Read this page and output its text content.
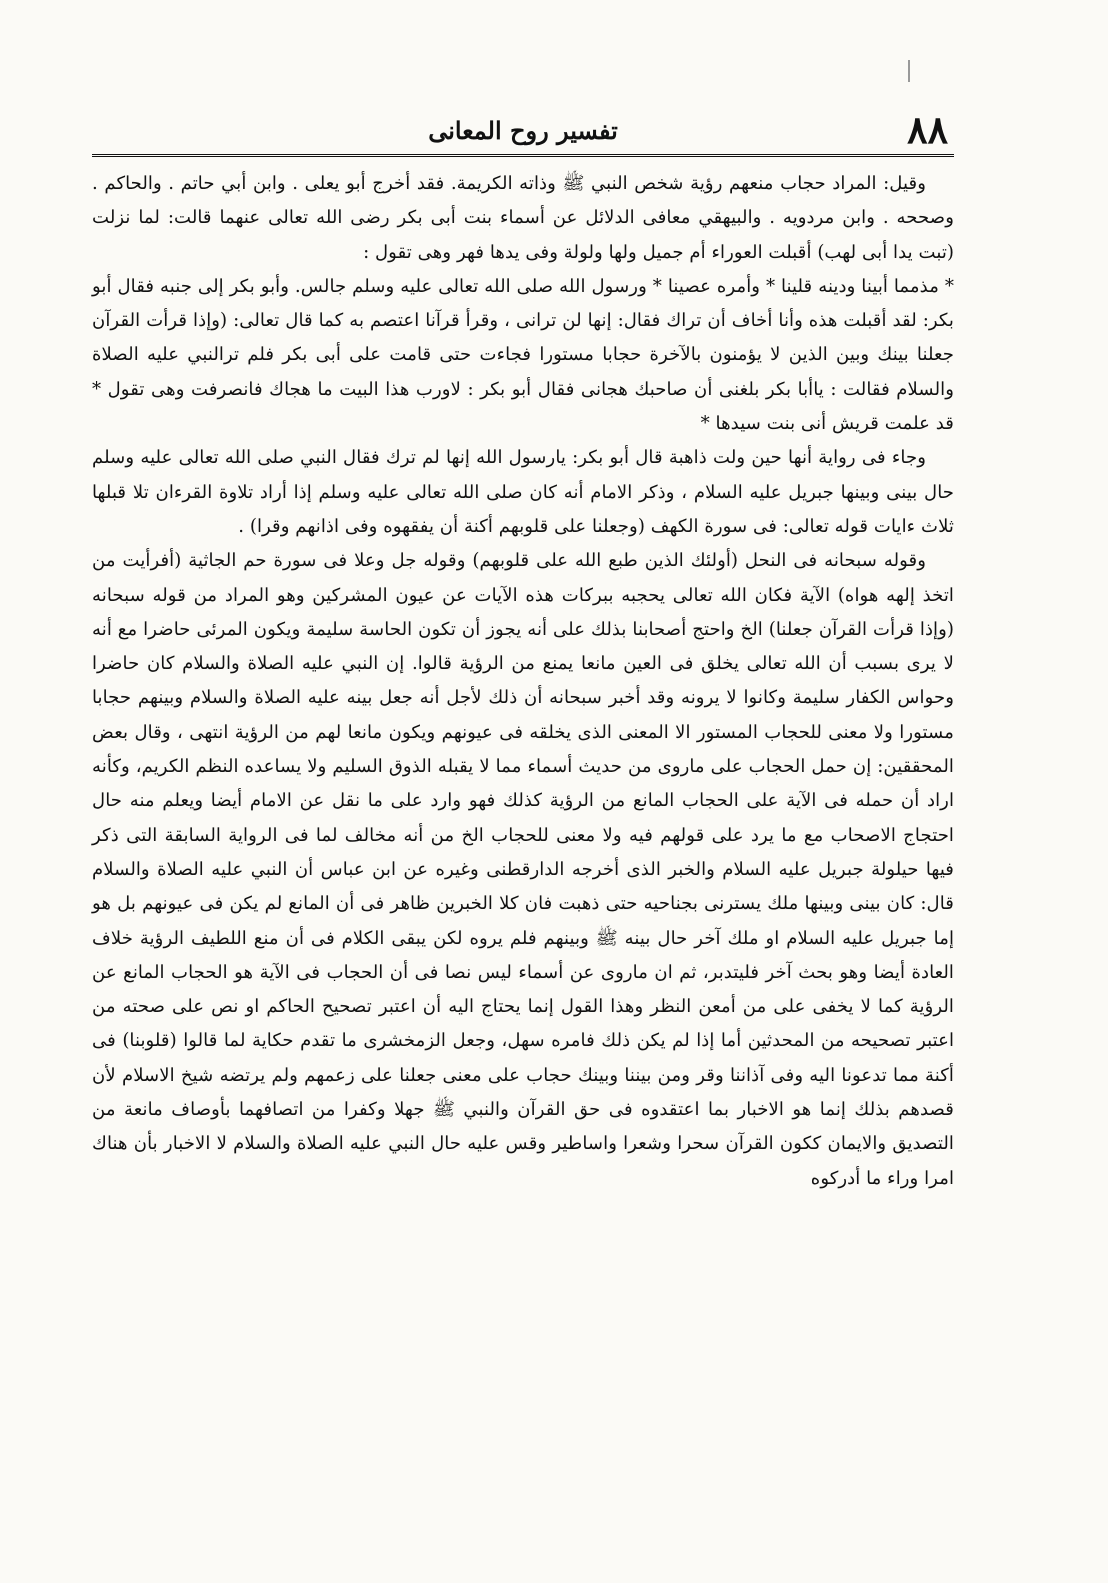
٨٨
تفسير روح المعانى

وقيل: المراد حجاب منعهم رؤية شخص النبي ﷺ وذاته الكريمة. فقد أخرج أبو يعلى . وابن أبي حاتم . والحاكم . وصححه . وابن مردويه . والبيهقي معافى الدلائل عن أسماء بنت أبى بكر رضى الله تعالى عنهما قالت: لما نزلت (تبت يدا أبى لهب) أقبلت العوراء أم جميل ولها ولولة وفى يدها فهر وهى تقول :

* مذمما أبينا ودينه قلينا * وأمره عصينا * ورسول الله صلى الله تعالى عليه وسلم جالس. وأبو بكر إلى جنبه فقال أبو بكر: لقد أقبلت هذه وأنا أخاف أن تراك فقال: إنها لن ترانى ، وقرأ قرآنا اعتصم به كما قال تعالى: (وإذا قرأت القرآن جعلنا بينك وبين الذين لا يؤمنون بالآخرة حجابا مستورا فجاءت حتى قامت على أبى بكر فلم ترالنبي عليه الصلاة والسلام فقالت : ياأبا بكر بلغنى أن صاحبك هجانى فقال أبو بكر : لاورب هذا البيت ما هجاك فانصرفت وهى تقول * قد علمت قريش أنى بنت سيدها *

وجاء فى رواية أنها حين ولت ذاهبة قال أبو بكر: يارسول الله إنها لم ترك فقال النبي صلى الله تعالى عليه وسلم حال بينى وبينها جبريل عليه السلام ، وذكر الامام أنه كان صلى الله تعالى عليه وسلم إذا أراد تلاوة القرءان تلا قبلها ثلاث ءايات قوله تعالى: فى سورة الكهف (وجعلنا على قلوبهم أكنة أن يفقهوه وفى اذانهم وقرا) .

وقوله سبحانه فى النحل (أولئك الذين طبع الله على قلوبهم) وقوله جل وعلا فى سورة حم الجاثية (أفرأيت من اتخذ إلهه هواه) الآية فكان الله تعالى يحجبه ببركات هذه الآيات عن عيون المشركين وهو المراد من قوله سبحانه (وإذا قرأت القرآن جعلنا) الخ واحتج أصحابنا بذلك على أنه يجوز أن تكون الحاسة سليمة ويكون المرئى حاضرا مع أنه لا يرى بسبب أن الله تعالى يخلق فى العين مانعا يمنع من الرؤية قالوا. إن النبي عليه الصلاة والسلام كان حاضرا وحواس الكفار سليمة وكانوا لا يرونه وقد أخبر سبحانه أن ذلك لأجل أنه جعل بينه عليه الصلاة والسلام وبينهم حجابا مستورا ولا معنى للحجاب المستور الا المعنى الذى يخلقه فى عيونهم ويكون مانعا لهم من الرؤية انتهى ، وقال بعض المحققين: إن حمل الحجاب على ماروى من حديث أسماء مما لا يقبله الذوق السليم ولا يساعده النظم الكريم، وكأنه اراد أن حمله فى الآية على الحجاب المانع من الرؤية كذلك فهو وارد على ما نقل عن الامام أيضا ويعلم منه حال احتجاج الاصحاب مع ما يرد على قولهم فيه ولا معنى للحجاب الخ من أنه مخالف لما فى الرواية السابقة التى ذكر فيها حيلولة جبريل عليه السلام والخبر الذى أخرجه الدارقطنى وغيره عن ابن عباس أن النبي عليه الصلاة والسلام قال: كان بينى وبينها ملك يسترنى بجناحيه حتى ذهبت فان كلا الخبرين ظاهر فى أن المانع لم يكن فى عيونهم بل هو إما جبريل عليه السلام او ملك آخر حال بينه ﷺ وبينهم فلم يروه لكن يبقى الكلام فى أن منع اللطيف الرؤية خلاف العادة أيضا وهو بحث آخر فليتدبر، ثم ان ماروى عن أسماء ليس نصا فى أن الحجاب فى الآية هو الحجاب المانع عن الرؤية كما لا يخفى على من أمعن النظر وهذا القول إنما يحتاج اليه أن اعتبر تصحيح الحاكم او نص على صحته من اعتبر تصحيحه من المحدثين أما إذا لم يكن ذلك فامره سهل، وجعل الزمخشرى ما تقدم حكاية لما قالوا (قلوبنا) فى أكنة مما تدعونا اليه وفى آذاننا وقر ومن بيننا وبينك حجاب على معنى جعلنا على زعمهم ولم يرتضه شيخ الاسلام لأن قصدهم بذلك إنما هو الاخبار بما اعتقدوه فى حق القرآن والنبي ﷺ جهلا وكفرا من اتصافهما بأوصاف مانعة من التصديق والايمان ككون القرآن سحرا وشعرا واساطير وقس عليه حال النبي عليه الصلاة والسلام لا الاخبار بأن هناك امرا وراء ما أدركوه
